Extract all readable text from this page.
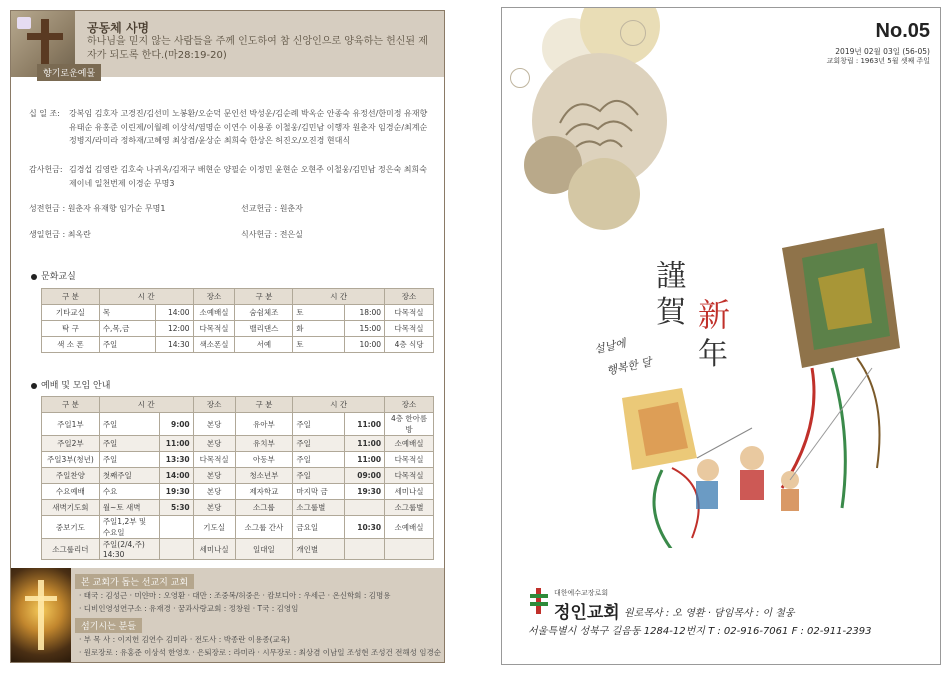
향기로운예물
공동체 사명
하나님을 믿지 않는 사람들을 주께 인도하여 참 신앙인으로 양육하는 헌신된 제자가 되도록 한다.(마28:19-20)
십 일 조:	강복임 김호자 고경진/김선미 노봉환/오순덕 문인선 박성운/김순례 박옥순 안종숙 유정선/한미정 유재향 유태순 유홍준 이린제/이월례 이상석/염명순 이연수 이용종 이철웅/김민남 이행자 원춘자 임경순/최계순 정병지/라미라 정하재/고혜영 최상겸/윤상순 최희숙 한상은 허진오/오진경 현대식
감사헌금: 김경섭 김영란 김호숙 나귀옥/김재구 배현순 양필순 이정민 윤현순 오현주 이철웅/김민남 정은숙 최희숙 제이네 일천번제 이경순 무명3
성전헌금 : 원춘자 유재향 임가순 무명1	선교헌금 : 원춘자
생일헌금 : 최옥란	식사헌금 : 전은실
문화교실
구 분	시 간		장소	구 분	시 간		장소
기타교실	목	14:00	소예배실	숨쉼체조	토	18:00	다목적실
탁 구	수,목,금	12:00	다목적실	밸리댄스	화	15:00	다목적실
색 소 폰	주일	14:30	색소폰실	서예	토	10:00	4층 식당
예배 및 모임 안내
구 분	시 간		장소	구 분	시 간		장소
주일1부	주일	9:00	본당	유아부	주일	11:00	4층 한아름방
주일2부	주일	11:00	본당	유치부	주일	11:00	소예배실
주일3부(청년)	주일	13:30	다목적실	아동부	주일	11:00	다목적실
주일찬양	첫째주일	14:00	본당	청소년부	주일	09:00	다목적실
수요예배	수요	19:30	본당	제자학교	마지막 금	19:30	세미나실
새벽기도회	월~토 새벽	5:30	본당	소그룹	소그룹별		소그룹별
중보기도	주일1,2부 및 수요일		기도실	소그룹 간사	금요일	10:30	소예배실
소그룹리더	주일(2/4,주) 14:30		세미나실	일대일	개인별		
본 교회가 돕는 선교지 교회
· 태국 : 김성근 · 미얀마 : 오영환 · 대만 : 조중복/허중은 · 캄보디아 : 우세근 · 온신학회 : 김명용
· 디비인영성연구소 : 유재경 · 꿈과사랑교회 : 정창원 · T국 : 김영임
섬기시는 분들
· 부 목 사 : 이지헌 김연수 김미라 · 전도사 : 박종란 이용종(교육)
· 원로장로 : 유홍준 이상석 한영호 · 은퇴장로 : 라미라 · 시무장로 : 최상겸 이남일 조성현 조성건 전해성 임경순
No.05
2019년 02월 03일 (56-05)
교회창립 : 1963년 5월 셋째 주일
謹
賀 新
年
설날에
행복한 달
대한예수교장로회
정인교회 원로목사 : 오 영환 · 담임목사 : 이 철웅
서울특별시 성북구 길음동 1284-12번지 T : 02-916-7061 F : 02-911-2393
